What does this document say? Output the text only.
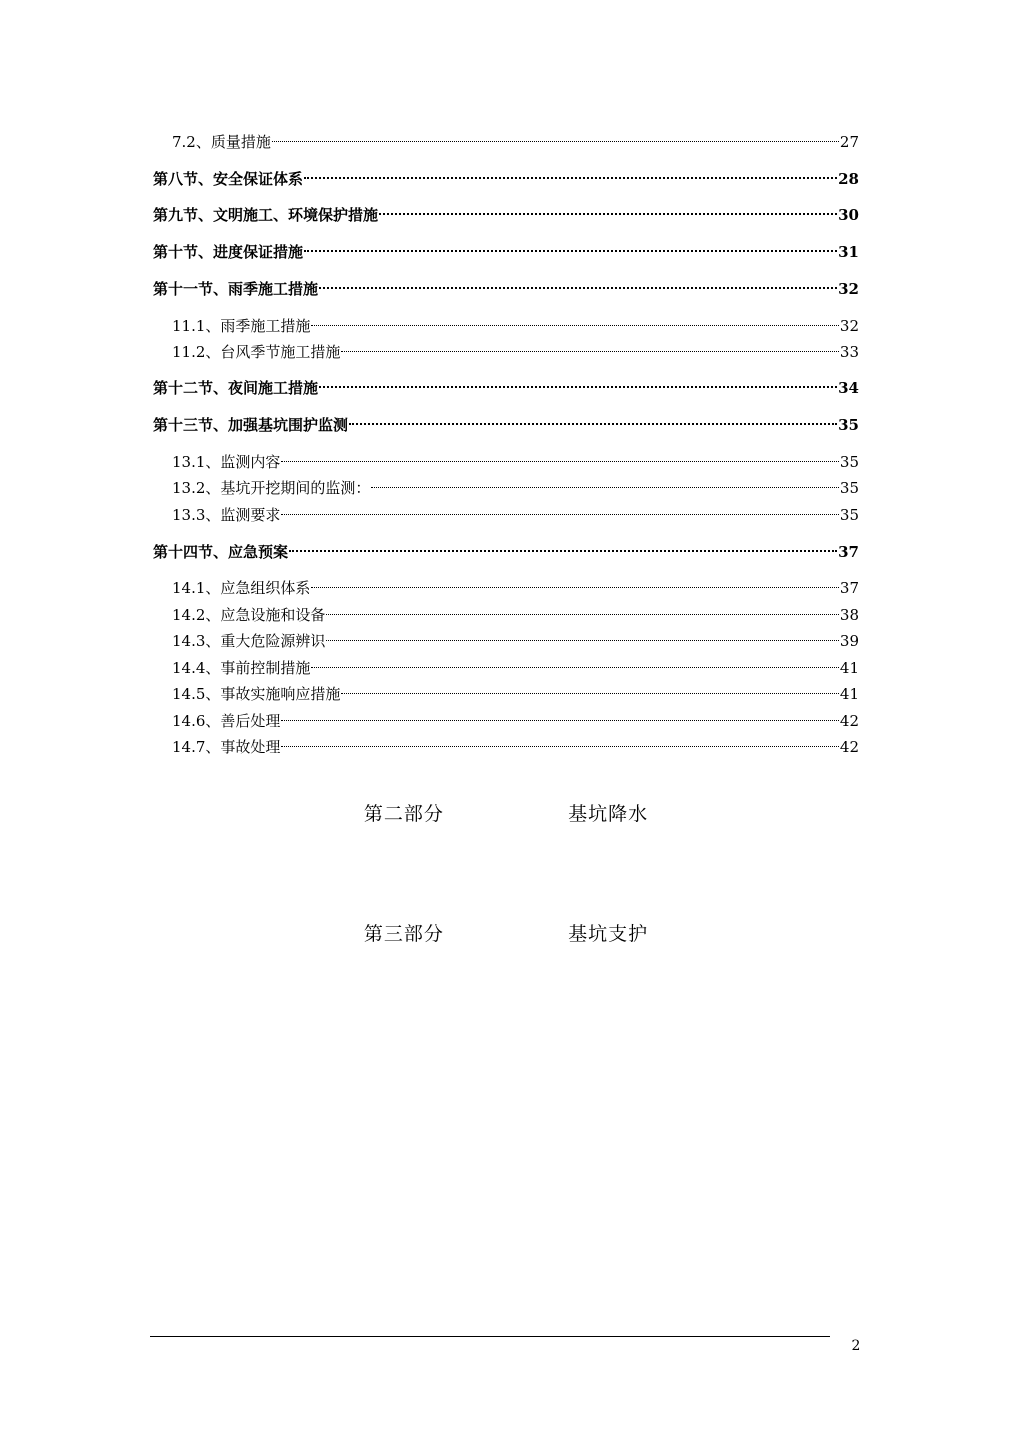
7.2、质量措施	27
第八节、安全保证体系	28
第九节、文明施工、环境保护措施	30
第十节、进度保证措施	31
第十一节、雨季施工措施	32
11.1、雨季施工措施	32
11.2、台风季节施工措施	33
第十二节、夜间施工措施	34
第十三节、加强基坑围护监测	35
13.1、监测内容	35
13.2、基坑开挖期间的监测：	35
13.3、监测要求	35
第十四节、应急预案	37
14.1、应急组织体系	37
14.2、应急设施和设备	38
14.3、重大危险源辨识	39
14.4、事前控制措施	41
14.5、事故实施响应措施	41
14.6、善后处理	42
14.7、事故处理	42
第二部分    基坑降水
第三部分    基坑支护
2
